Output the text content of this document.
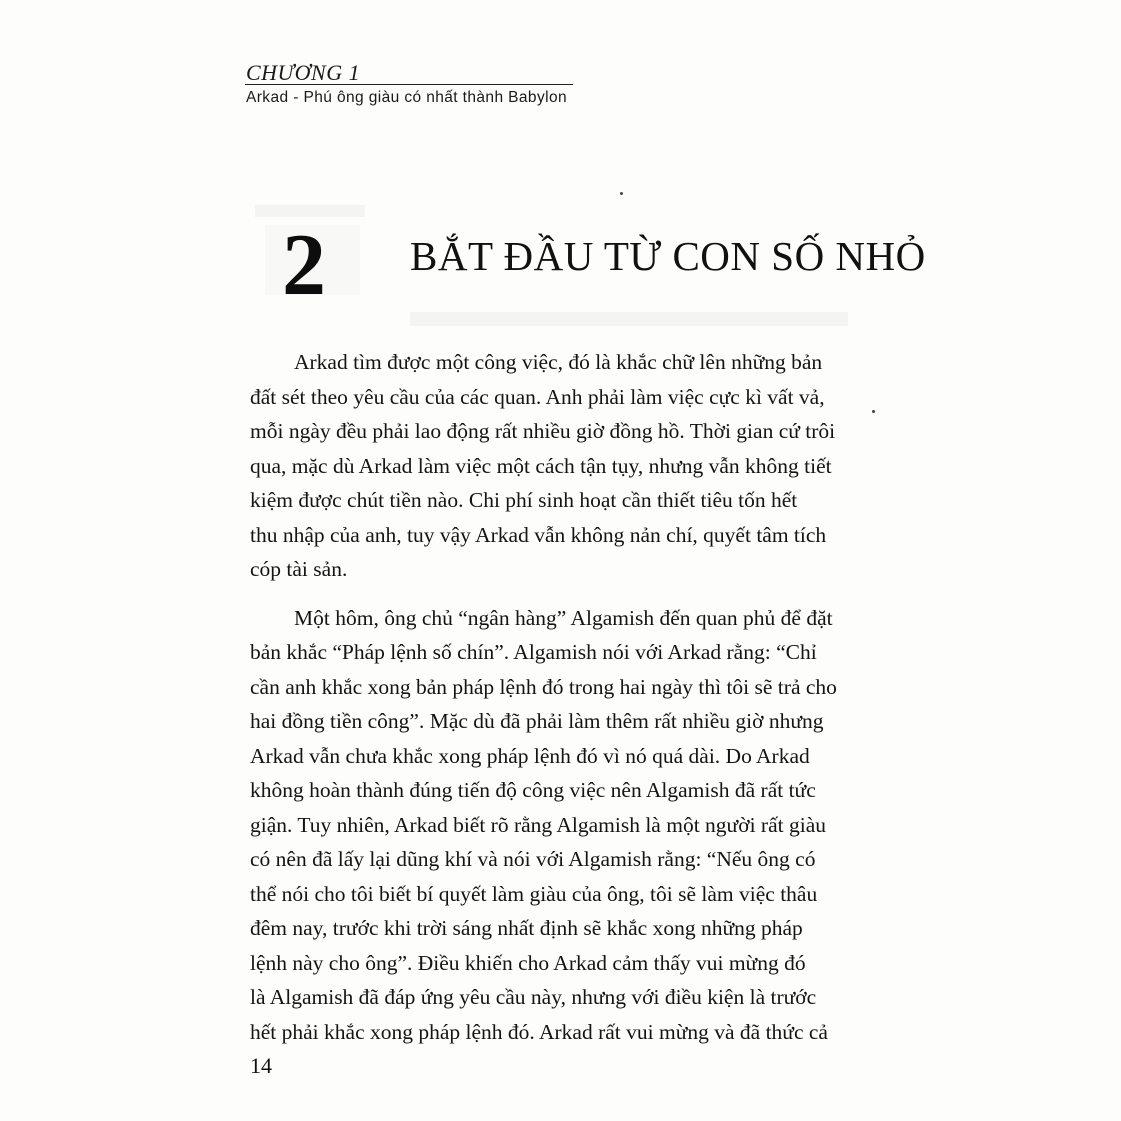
CHƯƠNG 1
Arkad - Phú ông giàu có nhất thành Babylon
2 BẮT ĐẦU TỪ CON SỐ NHỎ
Arkad tìm được một công việc, đó là khắc chữ lên những bản
đất sét theo yêu cầu của các quan. Anh phải làm việc cực kì vất vả,
mỗi ngày đều phải lao động rất nhiều giờ đồng hồ. Thời gian cứ trôi
qua, mặc dù Arkad làm việc một cách tận tụy, nhưng vẫn không tiết
kiệm được chút tiền nào. Chi phí sinh hoạt cần thiết tiêu tốn hết
thu nhập của anh, tuy vậy Arkad vẫn không nản chí, quyết tâm tích
cóp tài sản.
Một hôm, ông chủ “ngân hàng” Algamish đến quan phủ để đặt
bản khắc “Pháp lệnh số chín”. Algamish nói với Arkad rằng: “Chỉ
cần anh khắc xong bản pháp lệnh đó trong hai ngày thì tôi sẽ trả cho
hai đồng tiền công”. Mặc dù đã phải làm thêm rất nhiều giờ nhưng
Arkad vẫn chưa khắc xong pháp lệnh đó vì nó quá dài. Do Arkad
không hoàn thành đúng tiến độ công việc nên Algamish đã rất tức
giận. Tuy nhiên, Arkad biết rõ rằng Algamish là một người rất giàu
có nên đã lấy lại dũng khí và nói với Algamish rằng: “Nếu ông có
thể nói cho tôi biết bí quyết làm giàu của ông, tôi sẽ làm việc thâu
đêm nay, trước khi trời sáng nhất định sẽ khắc xong những pháp
lệnh này cho ông”. Điều khiến cho Arkad cảm thấy vui mừng đó
là Algamish đã đáp ứng yêu cầu này, nhưng với điều kiện là trước
hết phải khắc xong pháp lệnh đó. Arkad rất vui mừng và đã thức cả
14
